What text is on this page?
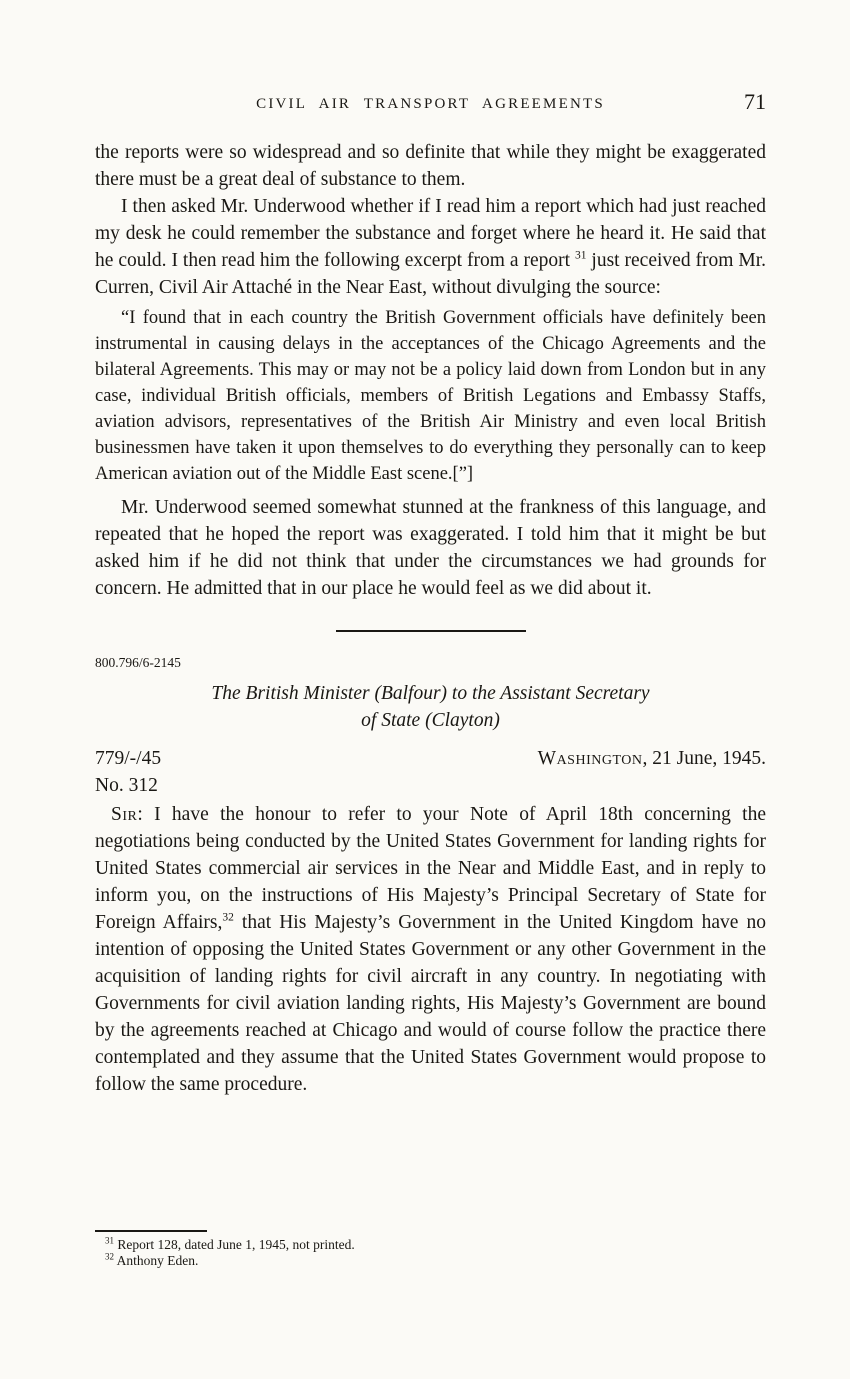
CIVIL AIR TRANSPORT AGREEMENTS	71

the reports were so widespread and so definite that while they might be exaggerated there must be a great deal of substance to them.

I then asked Mr. Underwood whether if I read him a report which had just reached my desk he could remember the substance and forget where he heard it. He said that he could. I then read him the following excerpt from a report $^{31}$ just received from Mr. Curren, Civil Air Attaché in the Near East, without divulging the source:

“I found that in each country the British Government officials have definitely been instrumental in causing delays in the acceptances of the Chicago Agreements and the bilateral Agreements. This may or may not be a policy laid down from London but in any case, individual British officials, members of British Legations and Embassy Staffs, aviation advisors, representatives of the British Air Ministry and even local British businessmen have taken it upon themselves to do everything they personally can to keep American aviation out of the Middle East scene.[”]

Mr. Underwood seemed somewhat stunned at the frankness of this language, and repeated that he hoped the report was exaggerated. I told him that it might be but asked him if he did not think that under the circumstances we had grounds for concern. He admitted that in our place he would feel as we did about it.

800.796/6-2145
The British Minister (Balfour) to the Assistant Secretary
of State (Clayton)
779/-/45	Washington, 21 June, 1945.
No. 312

Sir: I have the honour to refer to your Note of April 18th concerning the negotiations being conducted by the United States Government for landing rights for United States commercial air services in the Near and Middle East, and in reply to inform you, on the instructions of His Majesty’s Principal Secretary of State for Foreign Affairs,$^{32}$ that His Majesty’s Government in the United Kingdom have no intention of opposing the United States Government or any other Government in the acquisition of landing rights for civil aircraft in any country. In negotiating with Governments for civil aviation landing rights, His Majesty’s Government are bound by the agreements reached at Chicago and would of course follow the practice there contemplated and they assume that the United States Government would propose to follow the same procedure.

$^{31}$ Report 128, dated June 1, 1945, not printed.
$^{32}$ Anthony Eden.
